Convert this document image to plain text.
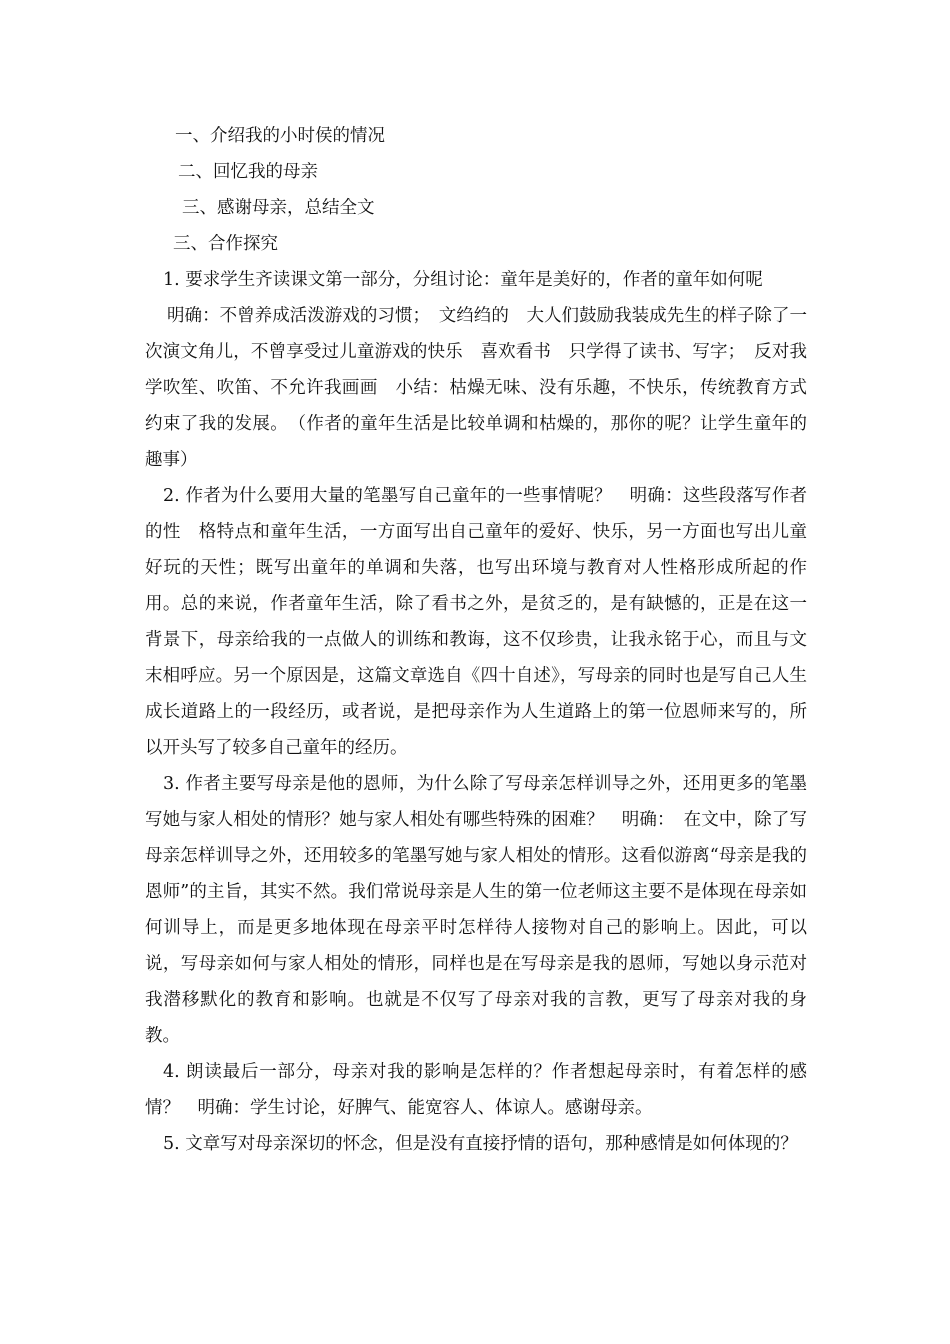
一、介绍我的小时侯的情况
二、回忆我的母亲
三、感谢母亲，总结全文
三、合作探究

1. 要求学生齐读课文第一部分，分组讨论：童年是美好的，作者的童年如何呢

明确：不曾养成活泼游戏的习惯；　文绉绉的　大人们鼓励我装成先生的样子除了一次演文角儿，不曾享受过儿童游戏的快乐　喜欢看书　只学得了读书、写字；　反对我学吹笙、吹笛、不允许我画画　小结：枯燥无味、没有乐趣，不快乐，传统教育方式约束了我的发展。　（作者的童年生活是比较单调和枯燥的，那你的呢？让学生童年的趣事）

2. 作者为什么要用大量的笔墨写自己童年的一些事情呢？　明确：这些段落写作者的性　格特点和童年生活，一方面写出自己童年的爱好、快乐，另一方面也写出儿童好玩的天性；既写出童年的单调和失落，也写出环境与教育对人性格形成所起的作用。总的来说，作者童年生活，除了看书之外，是贫乏的，是有缺憾的，正是在这一背景下，母亲给我的一点做人的训练和教诲，这不仅珍贵，让我永铭于心，而且与文末相呼应。另一个原因是，这篇文章选自《四十自述》，写母亲的同时也是写自己人生成长道路上的一段经历，或者说，是把母亲作为人生道路上的第一位恩师来写的，所以开头写了较多自己童年的经历。

3. 作者主要写母亲是他的恩师，为什么除了写母亲怎样训导之外，还用更多的笔墨写她与家人相处的情形？她与家人相处有哪些特殊的困难？　明确：　在文中，除了写母亲怎样训导之外，还用较多的笔墨写她与家人相处的情形。这看似游离“母亲是我的恩师”的主旨，其实不然。我们常说母亲是人生的第一位老师这主要不是体现在母亲如何训导上，而是更多地体现在母亲平时怎样待人接物对自己的影响上。因此，可以说，写母亲如何与家人相处的情形，同样也是在写母亲是我的恩师，写她以身示范对我潜移默化的教育和影响。也就是不仅写了母亲对我的言教，更写了母亲对我的身教。

4. 朗读最后一部分，母亲对我的影响是怎样的？作者想起母亲时，有着怎样的感情？　明确：学生讨论，好脾气、能宽容人、体谅人。感谢母亲。

5. 文章写对母亲深切的怀念，但是没有直接抒情的语句，那种感情是如何体现的？
